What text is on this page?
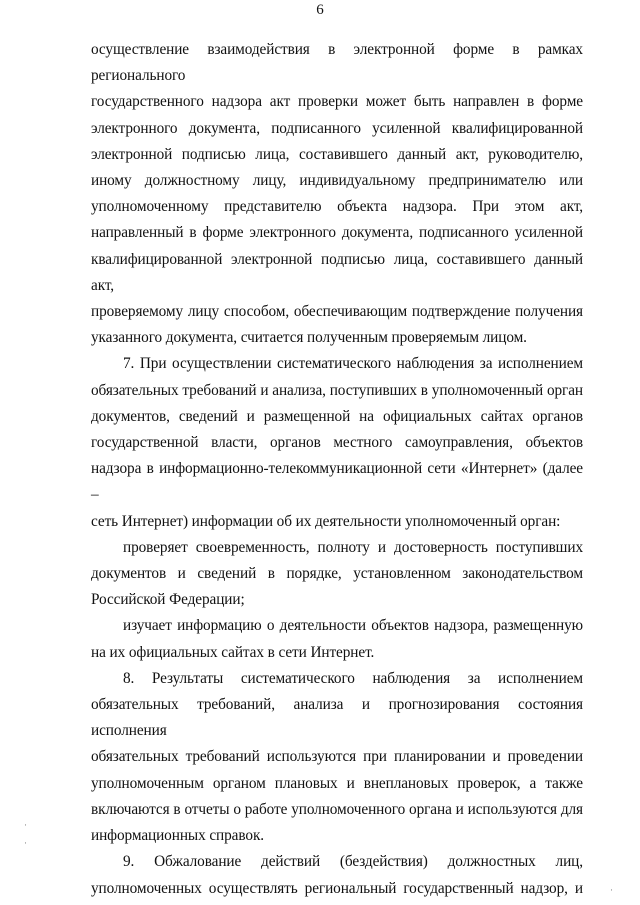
6

осуществление взаимодействия в электронной форме в рамках регионального

государственного надзора акт проверки может быть направлен в форме

электронного документа, подписанного усиленной квалифицированной

электронной подписью лица, составившего данный акт, руководителю,

иному должностному лицу, индивидуальному предпринимателю или

уполномоченному представителю объекта надзора. При этом акт,

направленный в форме электронного документа, подписанного усиленной

квалифицированной электронной подписью лица, составившего данный акт,

проверяемому лицу способом, обеспечивающим подтверждение получения

указанного документа, считается полученным проверяемым лицом.

7. При осуществлении систематического наблюдения за исполнением

обязательных требований и анализа, поступивших в уполномоченный орган

документов, сведений и размещенной на официальных сайтах органов

государственной власти, органов местного самоуправления, объектов

надзора в информационно-телекоммуникационной сети «Интернет» (далее –

сеть Интернет) информации об их деятельности уполномоченный орган:

проверяет своевременность, полноту и достоверность поступивших

документов и сведений в порядке, установленном законодательством

Российской Федерации;

изучает информацию о деятельности объектов надзора, размещенную

на их официальных сайтах в сети Интернет.

8. Результаты систематического наблюдения за исполнением

обязательных требований, анализа и прогнозирования состояния исполнения

обязательных требований используются при планировании и проведении

уполномоченным органом плановых и внеплановых проверок, а также

включаются в отчеты о работе уполномоченного органа и используются для

информационных справок.

9. Обжалование действий (бездействия) должностных лиц,

уполномоченных осуществлять региональный государственный надзор, и

·
·
·
